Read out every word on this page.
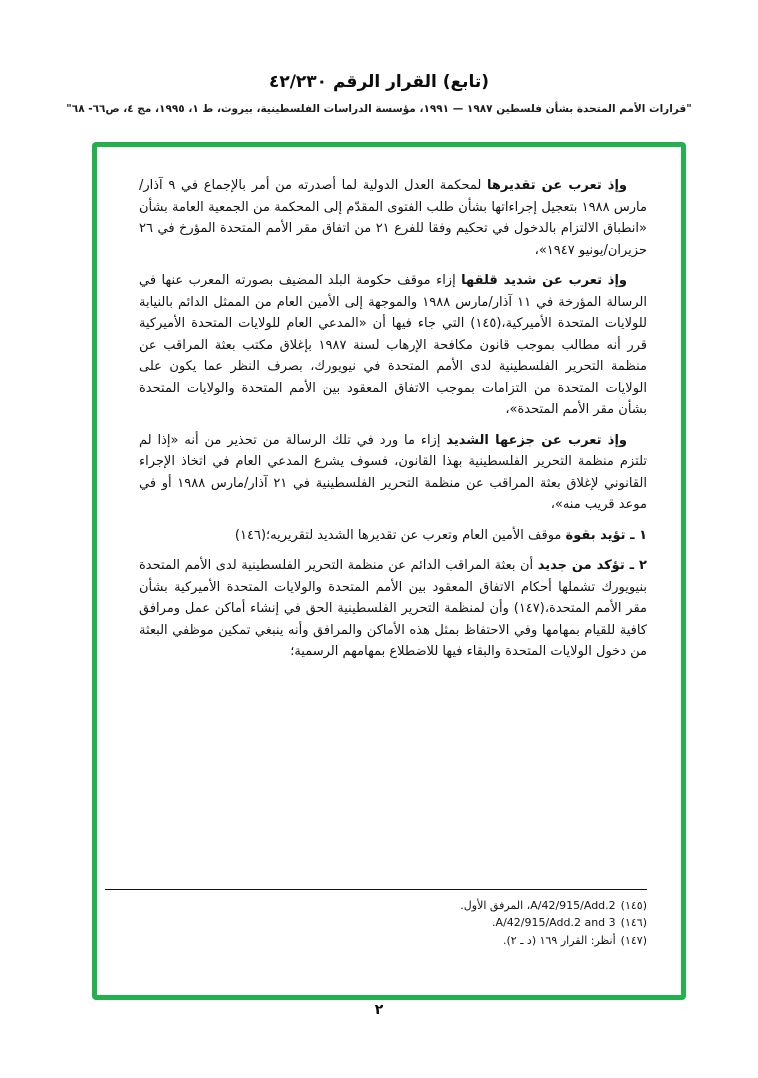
(تابع) القرار الرقم ٤٢/٢٣٠
"قرارات الأمم المتحدة بشأن فلسطين ١٩٨٧ — ١٩٩١، مؤسسة الدراسات الفلسطينية، بيروت، ط ١، ١٩٩٥، مج ٤، ص٦٦- ٦٨"

وإذ تعرب عن تقديرها لمحكمة العدل الدولية لما أصدرته من أمر بالإجماع في ٩ آذار/مارس ١٩٨٨ بتعجيل إجراءاتها بشأن طلب الفتوى المقدّم إلى المحكمة من الجمعية العامة بشأن «انطباق الالتزام بالدخول في تحكيم وفقا للفرع ٢١ من اتفاق مقر الأمم المتحدة المؤرخ في ٢٦ حزيران/يونيو ١٩٤٧»،

وإذ تعرب عن شديد قلقها إزاء موقف حكومة البلد المضيف بصورته المعرب عنها في الرسالة المؤرخة في ١١ آذار/مارس ١٩٨٨ والموجهة إلى الأمين العام من الممثل الدائم بالنيابة للولايات المتحدة الأميركية،(١٤٥) التي جاء فيها أن «المدعي العام للولايات المتحدة الأميركية قرر أنه مطالب بموجب قانون مكافحة الإرهاب لسنة ١٩٨٧ بإغلاق مكتب بعثة المراقب عن منظمة التحرير الفلسطينية لدى الأمم المتحدة في نيويورك، بصرف النظر عما يكون على الولايات المتحدة من التزامات بموجب الاتفاق المعقود بين الأمم المتحدة والولايات المتحدة بشأن مقر الأمم المتحدة»،

وإذ تعرب عن جزعها الشديد إزاء ما ورد في تلك الرسالة من تحذير من أنه «إذا لم تلتزم منظمة التحرير الفلسطينية بهذا القانون، فسوف يشرع المدعي العام في اتخاذ الإجراء القانوني لإغلاق بعثة المراقب عن منظمة التحرير الفلسطينية في ٢١ آذار/مارس ١٩٨٨ أو في موعد قريب منه»،

١ ـ تؤيد بقوة موقف الأمين العام وتعرب عن تقديرها الشديد لتقريريه؛(١٤٦)

٢ ـ تؤكد من جديد أن بعثة المراقب الدائم عن منظمة التحرير الفلسطينية لدى الأمم المتحدة بنيويورك تشملها أحكام الاتفاق المعقود بين الأمم المتحدة والولايات المتحدة الأميركية بشأن مقر الأمم المتحدة،(١٤٧) وأن لمنظمة التحرير الفلسطينية الحق في إنشاء أماكن عمل ومرافق كافية للقيام بمهامها وفي الاحتفاظ بمثل هذه الأماكن والمرافق وأنه ينبغي تمكين موظفي البعثة من دخول الولايات المتحدة والبقاء فيها للاضطلاع بمهامهم الرسمية؛

(١٤٥)A/42/915/Add.2، المرفق الأول.
(١٤٦)A/42/915/Add.2 and 3.
(١٤٧)أنظر: القرار ١٦٩ (د ـ ٢).
٢
